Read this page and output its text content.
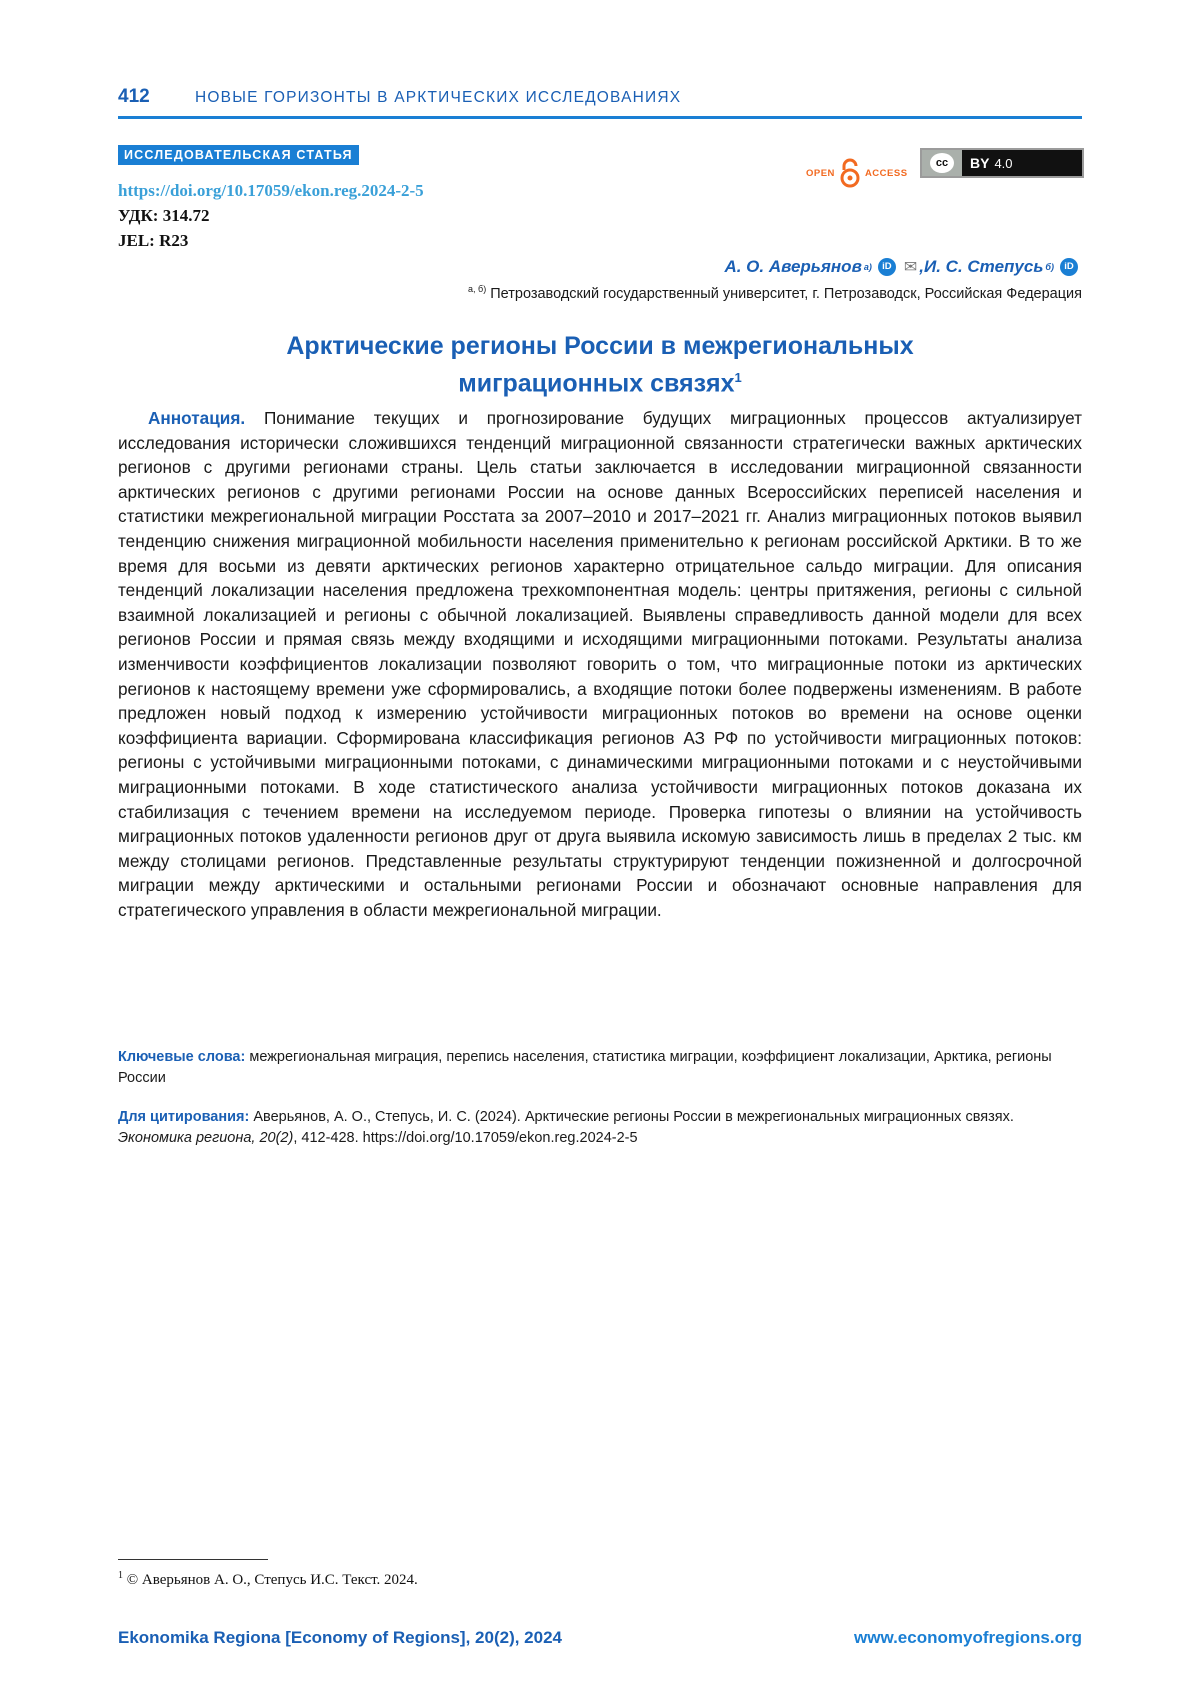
412	НОВЫЕ ГОРИЗОНТЫ В АРКТИЧЕСКИХ ИССЛЕДОВАНИЯХ
ИССЛЕДОВАТЕЛЬСКАЯ СТАТЬЯ
https://doi.org/10.17059/ekon.reg.2024-2-5
УДК: 314.72
JEL: R23
OPEN	ACCESS
cc	BY 4.0
А. О. Аверьянов а)	iD ✉ , И. С. Степусь б)	iD
$^{а, б)}$ Петрозаводский государственный университет, г. Петрозаводск, Российская Федерация
Арктические регионы России в межрегиональных
миграционных связях$^1$
Аннотация. Понимание текущих и прогнозирование будущих миграционных процессов актуализирует исследования исторически сложившихся тенденций миграционной связанности стратегически важных арктических регионов с другими регионами страны. Цель статьи заключается в исследовании миграционной связанности арктических регионов с другими регионами России на основе данных Всероссийских переписей населения и статистики межрегиональной миграции Росстата за 2007–2010 и 2017–2021 гг. Анализ миграционных потоков выявил тенденцию снижения миграционной мобильности населения применительно к регионам российской Арктики. В то же время для восьми из девяти арктических регионов характерно отрицательное сальдо миграции. Для описания тенденций локализации населения предложена трехкомпонентная модель: центры притяжения, регионы с сильной взаимной локализацией и регионы с обычной локализацией. Выявлены справедливость данной модели для всех регионов России и прямая связь между входящими и исходящими миграционными потоками. Результаты анализа изменчивости коэффициентов локализации позволяют говорить о том, что миграционные потоки из арктических регионов к настоящему времени уже сформировались, а входящие потоки более подвержены изменениям. В работе предложен новый подход к измерению устойчивости миграционных потоков во времени на основе оценки коэффициента вариации. Сформирована классификация регионов АЗ РФ по устойчивости миграционных потоков: регионы с устойчивыми миграционными потоками, с динамическими миграционными потоками и с неустойчивыми миграционными потоками. В ходе статистического анализа устойчивости миграционных потоков доказана их стабилизация с течением времени на исследуемом периоде. Проверка гипотезы о влиянии на устойчивость миграционных потоков удаленности регионов друг от друга выявила искомую зависимость лишь в пределах 2 тыс. км между столицами регионов. Представленные результаты структурируют тенденции пожизненной и долгосрочной миграции между арктическими и остальными регионами России и обозначают основные направления для стратегического управления в области межрегиональной миграции.
Ключевые слова: межрегиональная миграция, перепись населения, статистика миграции, коэффициент локализации, Арктика, регионы России
Для цитирования: Аверьянов, А. О., Степусь, И. С. (2024). Арктические регионы России в межрегиональных миграционных связях. Экономика региона, 20(2), 412-428. https://doi.org/10.17059/ekon.reg.2024-2-5
$^1$ © Аверьянов А. О., Степусь И.С. Текст. 2024.
Ekonomika Regiona [Economy of Regions], 20(2), 2024	www.economyofregions.org
